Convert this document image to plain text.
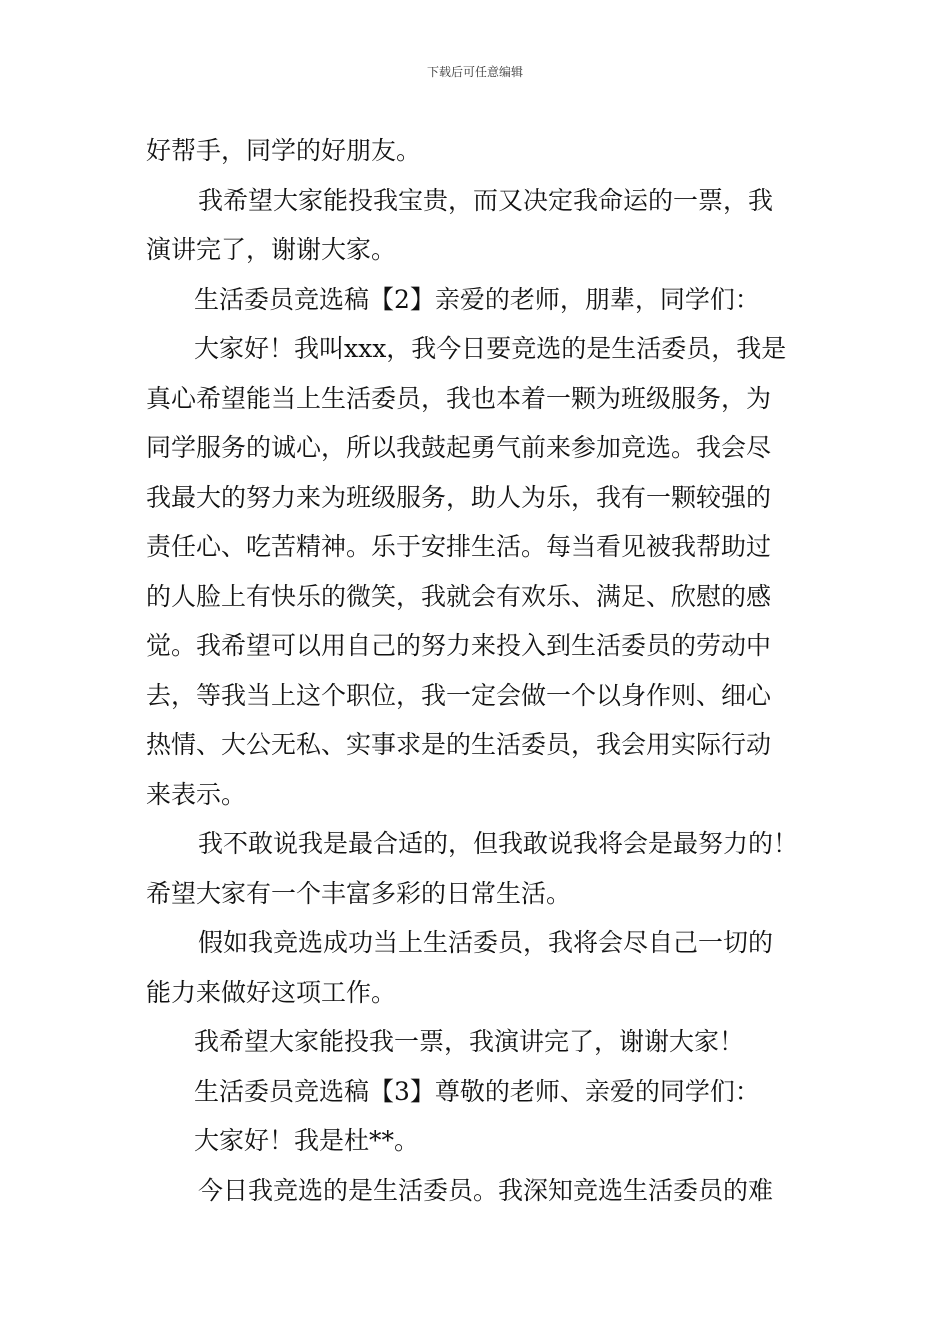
下载后可任意编辑
好帮手，同学的好朋友。
我希望大家能投我宝贵，而又决定我命运的一票，我
演讲完了，谢谢大家。
生活委员竞选稿【2】亲爱的老师，朋辈，同学们：
大家好！我叫xxx，我今日要竞选的是生活委员，我是
真心希望能当上生活委员，我也本着一颗为班级服务，为
同学服务的诚心，所以我鼓起勇气前来参加竞选。我会尽
我最大的努力来为班级服务，助人为乐，我有一颗较强的
责任心、吃苦精神。乐于安排生活。每当看见被我帮助过
的人脸上有快乐的微笑，我就会有欢乐、满足、欣慰的感
觉。我希望可以用自己的努力来投入到生活委员的劳动中
去，等我当上这个职位，我一定会做一个以身作则、细心
热情、大公无私、实事求是的生活委员，我会用实际行动
来表示。
我不敢说我是最合适的，但我敢说我将会是最努力的！
希望大家有一个丰富多彩的日常生活。
假如我竞选成功当上生活委员，我将会尽自己一切的
能力来做好这项工作。
我希望大家能投我一票，我演讲完了，谢谢大家！
生活委员竞选稿【3】尊敬的老师、亲爱的同学们：
大家好！我是杜**。
今日我竞选的是生活委员。我深知竞选生活委员的难
